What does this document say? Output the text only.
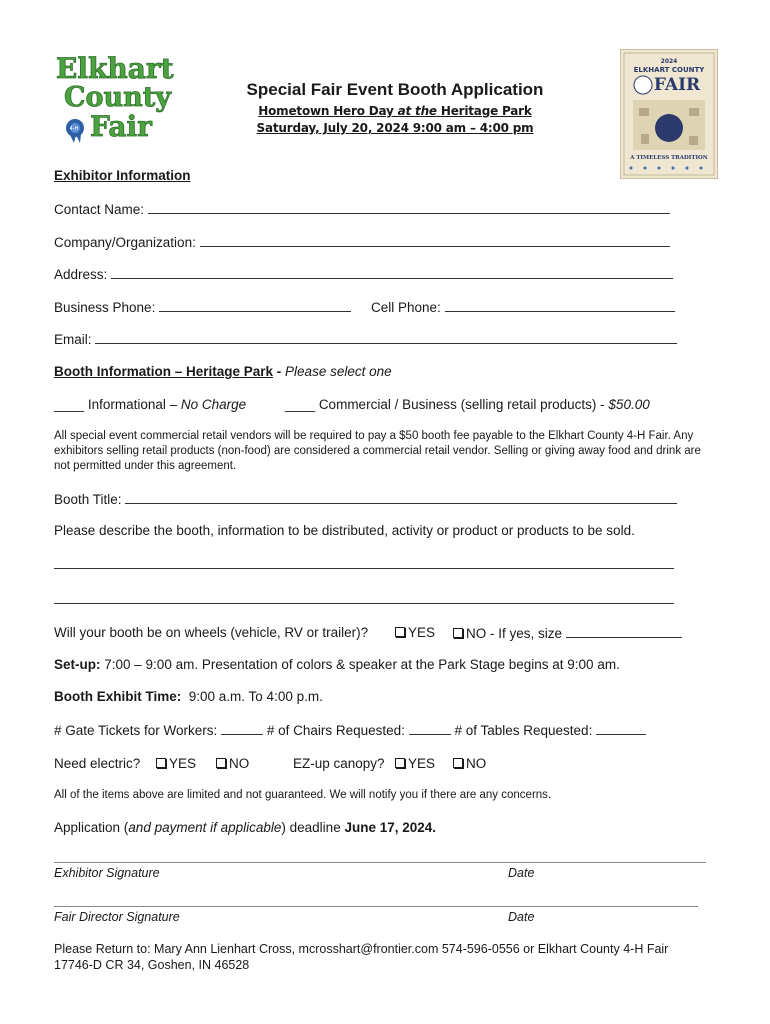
Elkhart
County
Fair
4-H
Special Fair Event Booth Application
Hometown Hero Day at the Heritage Park
Saturday, July 20, 2024 9:00 am – 4:00 pm
2024
ELKHART COUNTY
FAIR
A TIMELESS TRADITION
Exhibitor Information
Contact Name:
Company/Organization:
Address:
Business Phone:	Cell Phone:
Email:
Booth Information – Heritage Park - Please select one
____ Informational – No Charge	____ Commercial / Business (selling retail products) - $50.00
All special event commercial retail vendors will be required to pay a $50 booth fee payable to the Elkhart County 4-H Fair. Any exhibitors selling retail products (non-food) are considered a commercial retail vendor. Selling or giving away food and drink are not permitted under this agreement.
Booth Title:
Please describe the booth, information to be distributed, activity or product or products to be sold.
Will your booth be on wheels (vehicle, RV or trailer)?	YES	NO - If yes, size
Set-up: 7:00 – 9:00 am. Presentation of colors & speaker at the Park Stage begins at 9:00 am.
Booth Exhibit Time: 9:00 a.m. To 4:00 p.m.
# Gate Tickets for Workers:	# of Chairs Requested:	# of Tables Requested:
Need electric?	YES	NO	EZ-up canopy?	YES	NO
All of the items above are limited and not guaranteed. We will notify you if there are any concerns.
Application (and payment if applicable) deadline June 17, 2024.
Exhibitor Signature	Date
Fair Director Signature	Date
Please Return to: Mary Ann Lienhart Cross, mcrosshart@frontier.com 574-596-0556 or Elkhart County 4-H Fair
17746-D CR 34, Goshen, IN 46528
